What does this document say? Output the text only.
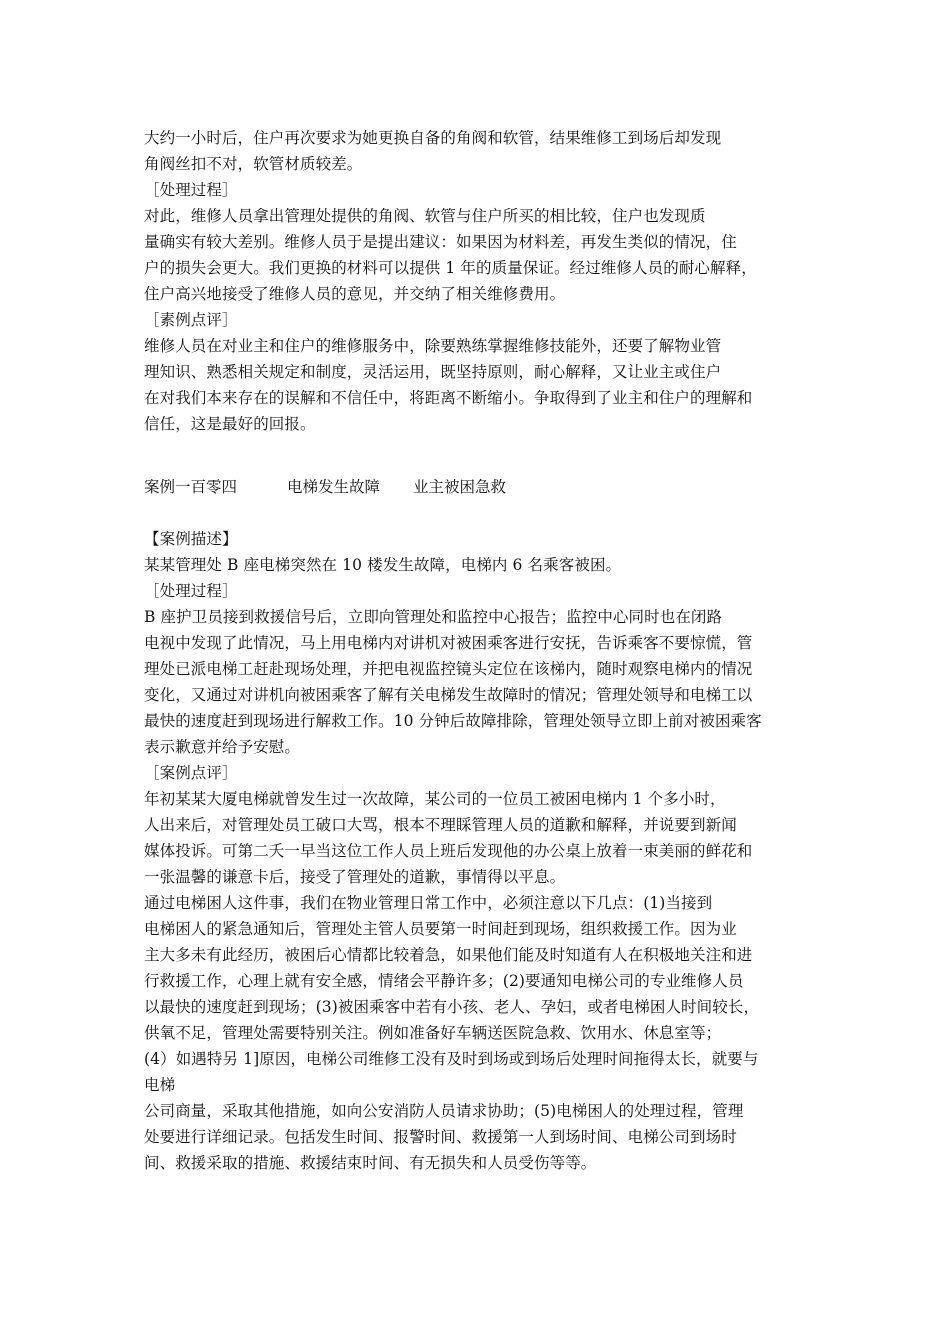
大约一小时后，住户再次要求为她更换自备的角阀和软管，结果维修工到场后却发现
角阀丝扣不对，软管材质较差。
［处理过程］
对此，维修人员拿出管理处提供的角阀、软管与住户所买的相比较，住户也发现质
量确实有较大差别。维修人员于是提出建议：如果因为材料差，再发生类似的情况，住
户的损失会更大。我们更换的材料可以提供 1 年的质量保证。经过维修人员的耐心解释，
住户高兴地接受了维修人员的意见，并交纳了相关维修费用。
［素例点评］
维修人员在对业主和住户的维修服务中，除要熟练掌握维修技能外，还要了解物业管
理知识、熟悉相关规定和制度，灵活运用，既坚持原则，耐心解释，又让业主或住户
在对我们本来存在的误解和不信任中，将距离不断缩小。争取得到了业主和住户的理解和
信任，这是最好的回报。
案例一百零四	电梯发生故障 业主被困急救
【案例描述】
某某管理处 B 座电梯突然在 10 楼发生故障，电梯内 6 名乘客被困。
［处理过程］
B 座护卫员接到救援信号后，立即向管理处和监控中心报告；监控中心同时也在闭路
电视中发现了此情况，马上用电梯内对讲机对被困乘客进行安抚，告诉乘客不要惊慌，管
理处已派电梯工赶赴现场处理，并把电视监控镜头定位在该梯内，随时观察电梯内的情况
变化，又通过对讲机向被困乘客了解有关电梯发生故障时的情况；管理处领导和电梯工以
最快的速度赶到现场进行解救工作。10 分钟后故障排除，管理处领导立即上前对被困乘客
表示歉意并给予安慰。
［案例点评］
年初某某大厦电梯就曾发生过一次故障，某公司的一位员工被困电梯内 1 个多小时，
人出来后，对管理处员工破口大骂，根本不理睬管理人员的道歉和解释，并说要到新闻
媒体投诉。可第二夭一早当这位工作人员上班后发现他的办公桌上放着一束美丽的鲜花和
一张温馨的谦意卡后，接受了管理处的道歉，事情得以平息。
通过电梯困人这件事，我们在物业管理日常工作中，必须注意以下几点：(1)当接到
电梯困人的紧急通知后，管理处主管人员要第一时间赶到现场，组织救援工作。因为业
主大多未有此经历，被困后心情都比较着急，如果他们能及时知道有人在积极地关注和进
行救援工作，心理上就有安全感，情绪会平静许多；(2)要通知电梯公司的专业维修人员
以最快的速度赶到现场；(3)被困乘客中若有小孩、老人、孕妇，或者电梯困人时间较长，
供氧不足，管理处需要特别关注。例如准备好车辆送医院急救、饮用水、休息室等；
(4）如遇特另 1]原因，电梯公司维修工没有及时到场或到场后处理时间拖得太长，就要与
电梯
公司商量，采取其他措施，如向公安消防人员请求协助；(5)电梯困人的处理过程，管理
处要进行详细记录。包括发生时间、报警时间、救援第一人到场时间、电梯公司到场时
间、救援采取的措施、救援结束时间、有无损失和人员受伤等等。
